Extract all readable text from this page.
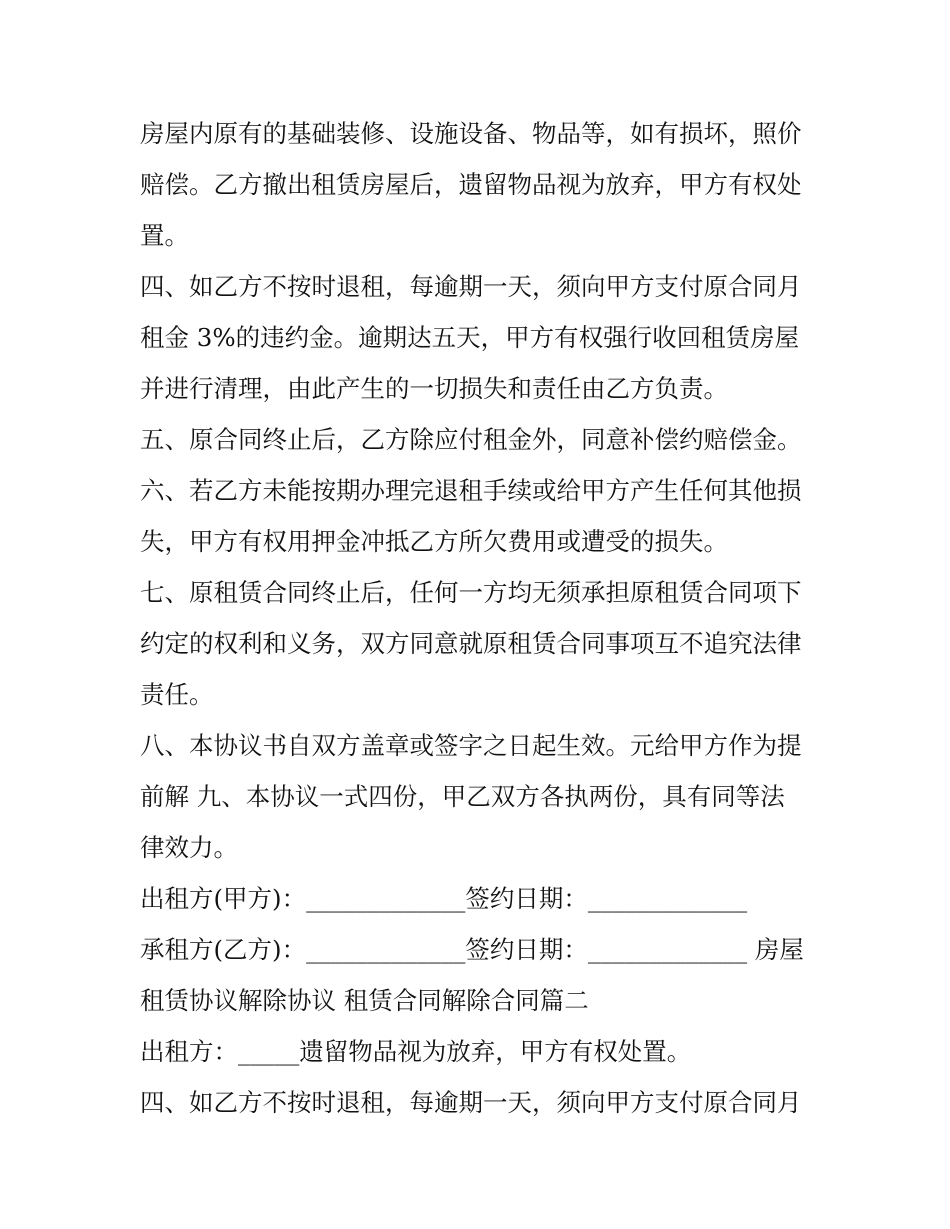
房屋内原有的基础装修、设施设备、物品等，如有损坏，照价
赔偿。乙方撤出租赁房屋后，遗留物品视为放弃，甲方有权处
置。
四、如乙方不按时退租，每逾期一天，须向甲方支付原合同月
租金 3%的违约金。逾期达五天，甲方有权强行收回租赁房屋
并进行清理，由此产生的一切损失和责任由乙方负责。
五、原合同终止后，乙方除应付租金外，同意补偿约赔偿金。
六、若乙方未能按期办理完退租手续或给甲方产生任何其他损
失，甲方有权用押金冲抵乙方所欠费用或遭受的损失。
七、原租赁合同终止后，任何一方均无须承担原租赁合同项下
约定的权利和义务，双方同意就原租赁合同事项互不追究法律
责任。
八、本协议书自双方盖章或签字之日起生效。元给甲方作为提
前解 九、本协议一式四份，甲乙双方各执两份，具有同等法
律效力。
出租方(甲方)：_____________签约日期：_____________
承租方(乙方)：_____________签约日期：_____________ 房屋
租赁协议解除协议 租赁合同解除合同篇二
出租方：_____遗留物品视为放弃，甲方有权处置。
四、如乙方不按时退租，每逾期一天，须向甲方支付原合同月
